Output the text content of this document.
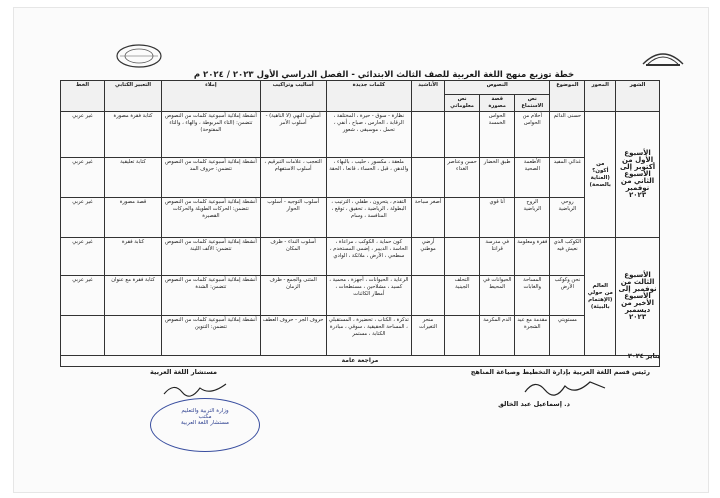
خطة توزيع منهج اللغة العربية للصف الثالث الابتدائي - الفصل الدراسي الأول ٢٠٢٣ / ٢٠٢٤ م
الشهر	المحور	الموضوع	النصوص			الأناشيد	كلمات جديدة	أساليب وتراكيب	إملاء	التعبير الكتابي	الخط
			نص الاستماع	قصة مصورة	نص معلوماتي						
الأسبوع الأول من أكتوبر إلى الأسبوع الثاني من نوفمبر ٢٠٢٣	من أكون؟ (العناية بالصحة)	حسنى الدائم	أحلام من الحواس	الحواس الخمسة			نظارة - سوق - حيرة ، المختلفة ، الرقابة ، الحارس ، صباح ، أنفي ، تحمل ، موسيقى ، شعور	أسلوب النهي (لا الناهية) - أسلوب الأمر	أنشطة إملائية أسبوعية كلمات من النصوص تتضمن: (التاء المربوطة ، والهاء ، والتاء المفتوحة)	كتابة فقرة مصورة	غير عربي
		غذائي المفيد	الأطعمة الصحية	طبق الخضار	حسن وعناصر الغذاء		ملعقة ، مكسور ، حليب ، بالبهاء ، والدهن ، قبل ، الحساء ، قانعا ، الحقة	التعجب ، علامات التبرقيم ، أسلوب الاستفهام	أنشطة إملائية أسبوعية كلمات من النصوص تتضمن: حروف المد	كتابة تعليقية	غير عربي
		روحي الرياضية	الروح الرياضية	أنا قوي		أصغر سباحة	التقدم ، يتحرون ، طفلي ، الترتيب ، البطولة ، الرياضية ، تحقيق ، توقع ، المنافسة ، وسام	أسلوب التوجيه - أسلوب الحوار	أنشطة إملائية أسبوعية كلمات من النصوص تتضمن: الحركات الطويلة والحركات القصيرة	قصة مصورة	غير عربي
الأسبوع الثالث من نوفمبر إلى الأسبوع الأخير من ديسمبر ٢٠٢٣	العالم من حولي (الإهتمام بالبيئة)	الكوكب الذي نعيش فيه	فقرة ومعلومة	في مدرسة قرانتا		أرضي موطني	كون حماية ، الكوكب ، مراعاة ، الحاسة ، الدبيبر ، إضمى المستخدم ، سطحي ، الأرض ، ملائكة ، الوادي	أسلوب النداء - ظرف المكان	أنشطة إملائية أسبوعية كلمات من النصوص تتضمن: الألف اللينة	كتابة فقرة	غير عربي
		نحن وكوكب الأرض	المساحة والغابات	الحيوانات في المحيط	التحلف الجينية		الرعاية ، الحيوانات ، أجهزة ، محمية ، كسيد ، مشلاحين ، مستطحات ، أمطار الكائنات	المثنى والجمع - ظرف الزمان	أنشطة إملائية أسبوعية كلمات من النصوص تتضمن: الشدة	كتابة فقرة مع عنوان	غير عربي
		مستويتي	مقدمة مع عيد الشجرة	الدم المكرمة		منحر التغيرات	تذكرة ، الكتاب ، تحضيرة ، المستقبلي ، المساحة الحقيقية ، سوقي ، مبادرة الكتابة ، مستمر	حروف الجر - حروف العطف	أنشطة إملائية أسبوعية كلمات من النصوص تتضمن: التنوين		
مراجعة عامة											
يناير ٢٠٢٤
رئيس قسم اللغة العربية بإدارة التخطيط وصياغة المناهج
د. إسماعيل عبد الخالق
مستشار اللغة العربية
وزارة التربية والتعليم
مكتب
مستشار اللغة العربية
